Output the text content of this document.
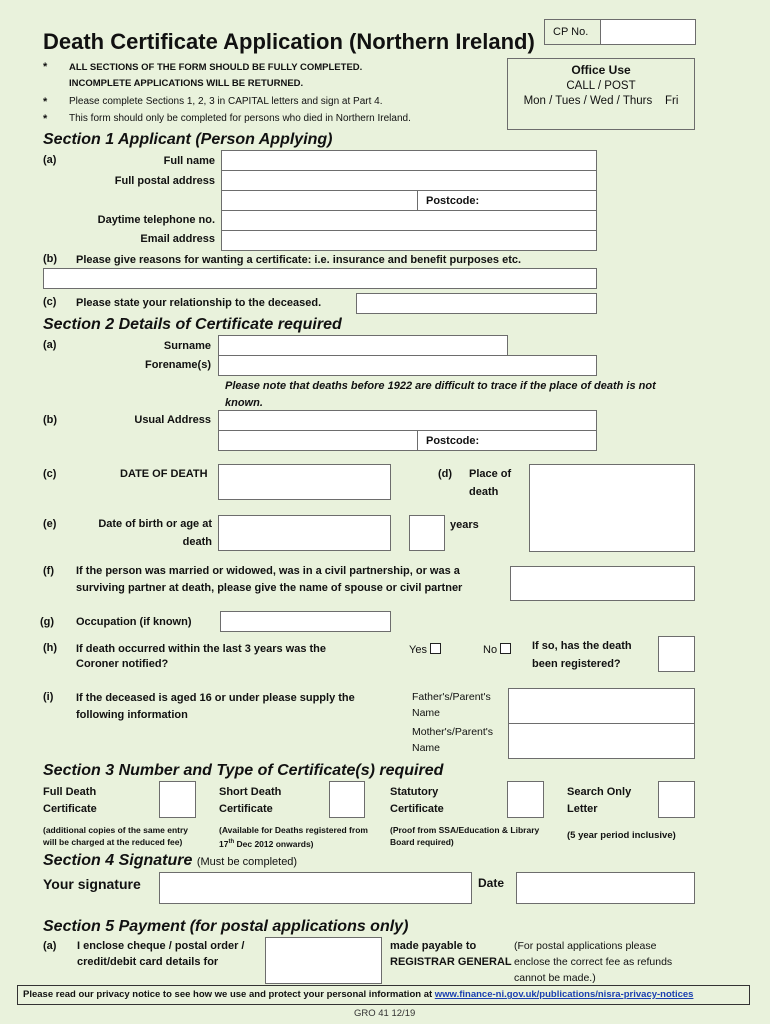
Death Certificate Application (Northern Ireland) CP No.
* ALL SECTIONS OF THE FORM SHOULD BE FULLY COMPLETED.
INCOMPLETE APPLICATIONS WILL BE RETURNED.
* Please complete Sections 1, 2, 3 in CAPITAL letters and sign at Part 4.
* This form should only be completed for persons who died in Northern Ireland.
Office Use
CALL / POST
Mon / Tues / Wed / Thurs    Fri
Section 1 Applicant (Person Applying)
(a)	Full name
Full postal address
Postcode:
Daytime telephone no.
Email address
(b) Please give reasons for wanting a certificate: i.e. insurance and benefit purposes etc.
(c) Please state your relationship to the deceased.
Section 2 Details of Certificate required
(a)	Surname
Forename(s)
Please note that deaths before 1922 are difficult to trace if the place of death is not known.
(b)	Usual Address
Postcode:
(c)	DATE OF DEATH	(d) Place of
death
(e)	Date of birth or age at
death
years
(f) If the person was married or widowed, was in a civil partnership, or was a
surviving partner at death, please give the name of spouse or civil partner
(g) Occupation (if known)
(h) If death occurred within the last 3 years was the
Coroner notified?
Yes	No	If so, has the death
been registered?
(i) If the deceased is aged 16 or under please supply the
following information
Father's/Parent's
Name
Mother's/Parent's
Name
Section 3 Number and Type of Certificate(s) required
Full Death
Certificate
(additional copies of the same entry
will be charged at the reduced fee)
Short Death
Certificate
(Available for Deaths registered from
17th Dec 2012 onwards)
Statutory
Certificate
(Proof from SSA/Education & Library
Board required)
Search Only
Letter
(5 year period inclusive)
Section 4 Signature (Must be completed)
Your signature	Date
Section 5 Payment (for postal applications only)
(a) I enclose cheque / postal order /
credit/debit card details for
made payable to
REGISTRAR GENERAL
(For postal applications please
enclose the correct fee as refunds
cannot be made.)
Please read our privacy notice to see how we use and protect your personal information at www.finance-ni.gov.uk/publications/nisra-privacy-notices
GRO 41 12/19
